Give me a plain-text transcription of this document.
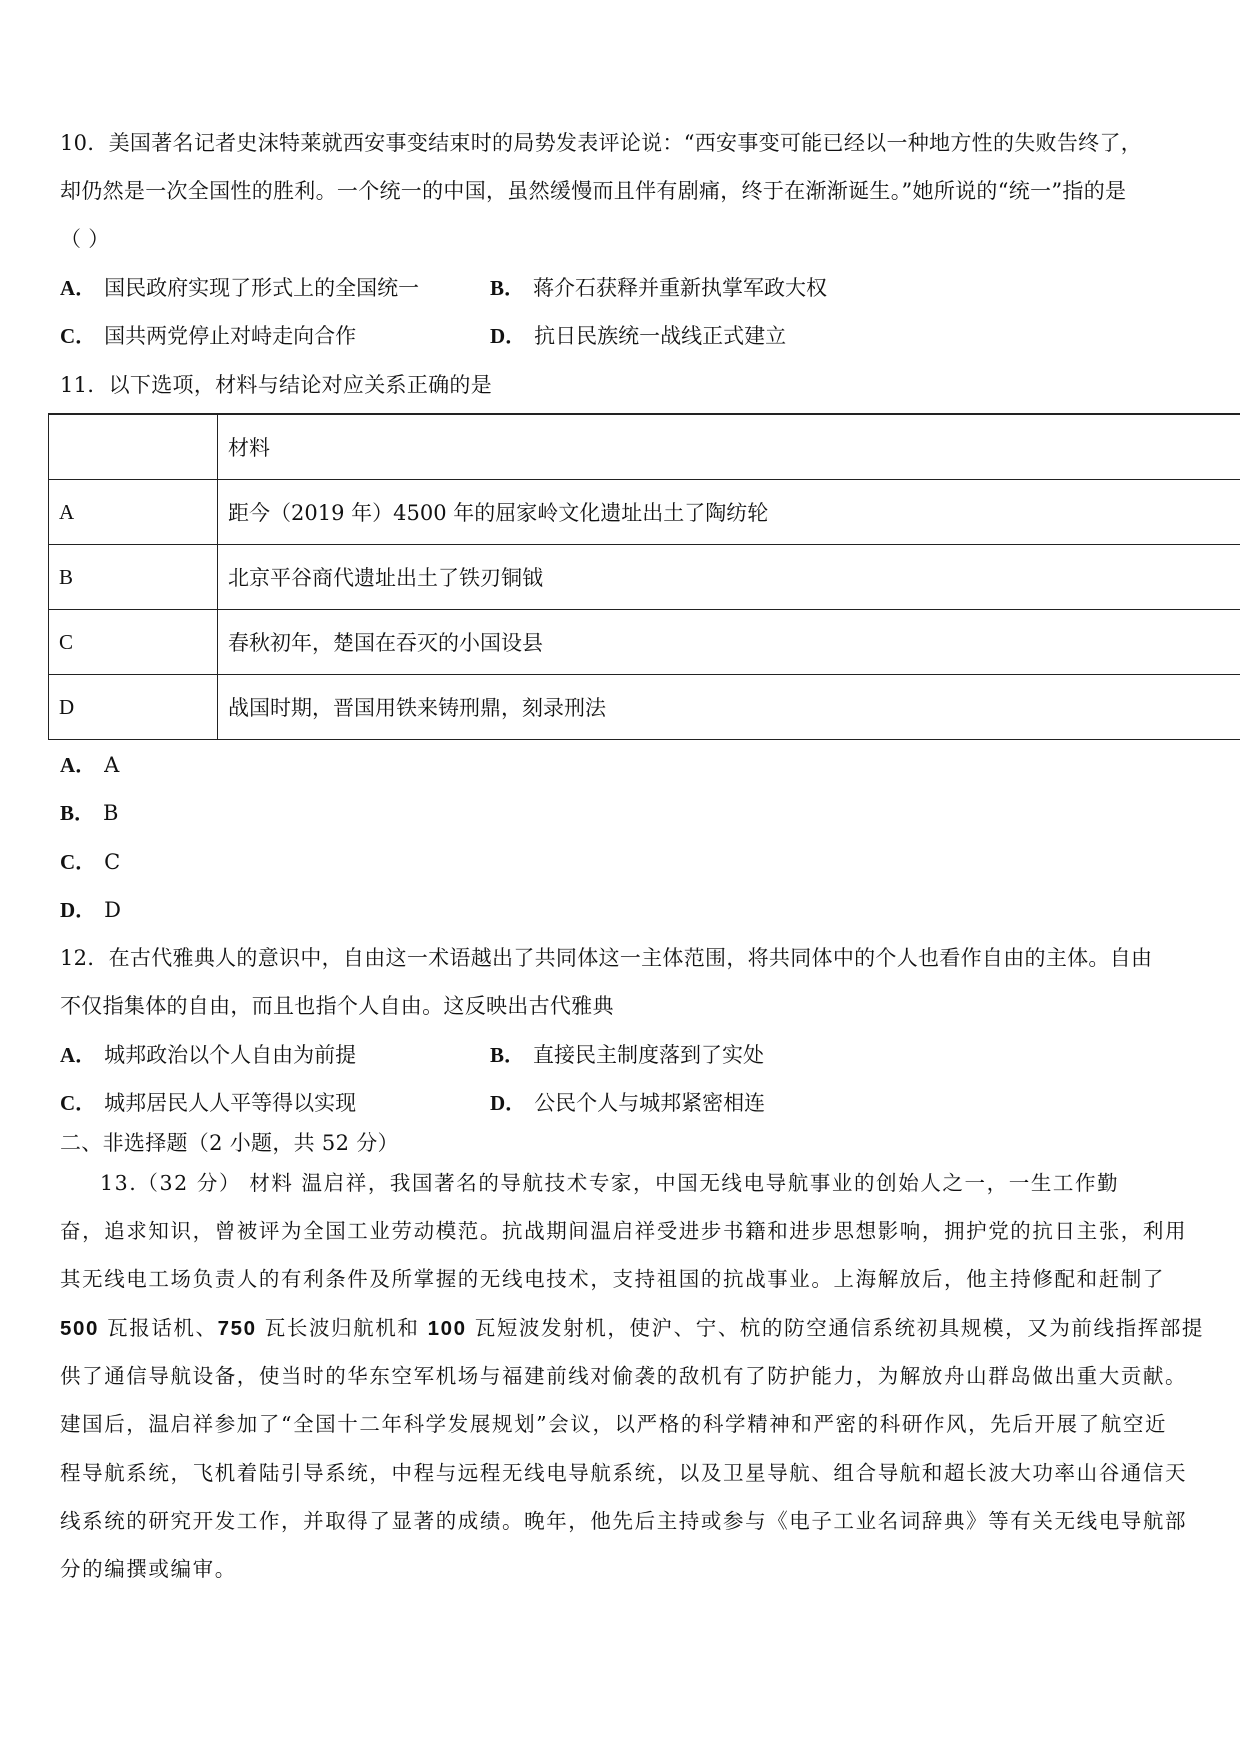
10．美国著名记者史沫特莱就西安事变结束时的局势发表评论说：“西安事变可能已经以一种地方性的失败告终了，
却仍然是一次全国性的胜利。一个统一的中国，虽然缓慢而且伴有剧痛，终于在渐渐诞生。”她所说的“统一”指的是
（ ）
A． 国民政府实现了形式上的全国统一	B． 蒋介石获释并重新执掌军政大权
C． 国共两党停止对峙走向合作	D． 抗日民族统一战线正式建立
11．以下选项，材料与结论对应关系正确的是
	材料
A	距今（2019 年）4500 年的屈家岭文化遗址出土了陶纺轮
B	北京平谷商代遗址出土了铁刃铜钺
C	春秋初年，楚国在吞灭的小国设县
D	战国时期，晋国用铁来铸刑鼎，刻录刑法
A． A
B． B
C． C
D． D
12．在古代雅典人的意识中，自由这一术语越出了共同体这一主体范围，将共同体中的个人也看作自由的主体。自由
不仅指集体的自由，而且也指个人自由。这反映出古代雅典
A． 城邦政治以个人自由为前提	B． 直接民主制度落到了实处
C． 城邦居民人人平等得以实现	D． 公民个人与城邦紧密相连
二、非选择题（2 小题，共 52 分）
13.（32 分） 材料 温启祥，我国著名的导航技术专家，中国无线电导航事业的创始人之一，一生工作勤
奋，追求知识，曾被评为全国工业劳动模范。抗战期间温启祥受进步书籍和进步思想影响，拥护党的抗日主张，利用
其无线电工场负责人的有利条件及所掌握的无线电技术，支持祖国的抗战事业。上海解放后，他主持修配和赶制了
500 瓦报话机、750 瓦长波归航机和 100 瓦短波发射机，使沪、宁、杭的防空通信系统初具规模，又为前线指挥部提
供了通信导航设备，使当时的华东空军机场与福建前线对偷袭的敌机有了防护能力，为解放舟山群岛做出重大贡献。
建国后，温启祥参加了“全国十二年科学发展规划”会议，以严格的科学精神和严密的科研作风，先后开展了航空近
程导航系统，飞机着陆引导系统，中程与远程无线电导航系统，以及卫星导航、组合导航和超长波大功率山谷通信天
线系统的研究开发工作，并取得了显著的成绩。晚年，他先后主持或参与《电子工业名词辞典》等有关无线电导航部
分的编撰或编审。
